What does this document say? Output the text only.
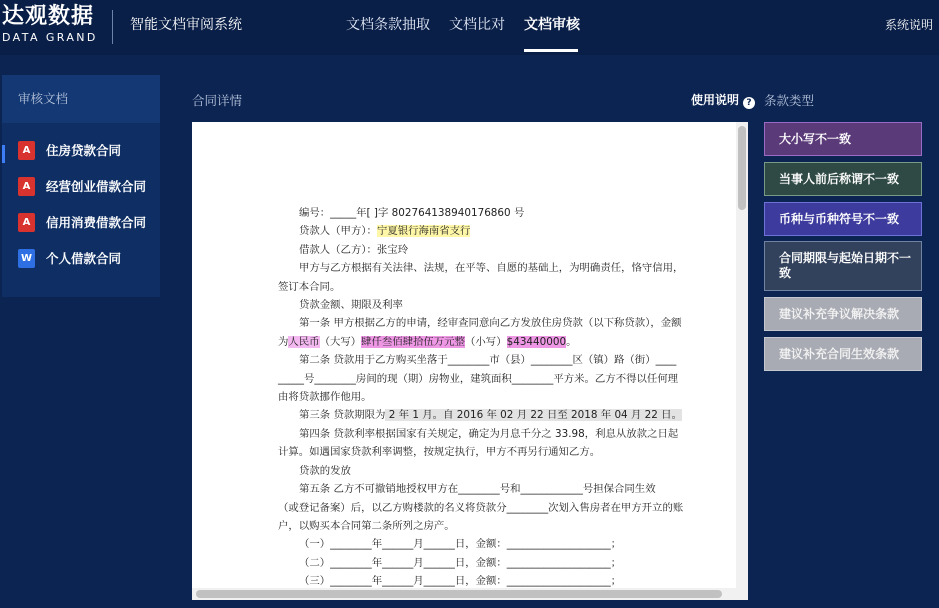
达观数据
DATA GRAND
智能文档审阅系统	文档条款抽取 文档比对 文档审核	系统说明
审核文档
A	住房贷款合同
A	经营创业借款合同
A	信用消费借款合同
W 个人借款合同
合同详情	使用说明 ?
编号：_____年[ ]字 802764138940176860 号
贷款人（甲方）：宁夏银行海南省支行
借款人（乙方）：张宝玲
甲方与乙方根据有关法律、法规，在平等、自愿的基础上，为明确责任，恪守信用，
签订本合同。
贷款金额、期限及利率
第一条 甲方根据乙方的申请，经审查同意向乙方发放住房贷款（以下称贷款），金额
为人民币（大写）肆仟叁佰肆拾伍万元整（小写）$43440000。
第二条 贷款用于乙方购买坐落于________市（县）________区（镇）路（街）____
_____号________房间的现（期）房物业，建筑面积________平方米。乙方不得以任何理
由将贷款挪作他用。
第三条 贷款期限为 2 年 1 月。自 2016 年 02 月 22 日至 2018 年 04 月 22 日。
第四条 贷款利率根据国家有关规定，确定为月息千分之 33.98，利息从放款之日起
计算。如遇国家贷款利率调整，按规定执行，甲方不再另行通知乙方。
贷款的发放
第五条 乙方不可撤销地授权甲方在________号和____________号担保合同生效
（或登记备案）后，以乙方购楼款的名义将贷款分________次划入售房者在甲方开立的账
户，以购买本合同第二条所列之房产。
（一）________年______月______日，金额：____________________；
（二）________年______月______日，金额：____________________；
（三）________年______月______日，金额：____________________；
条款类型
大小写不一致
当事人前后称谓不一致
币种与币种符号不一致
合同期限与起始日期不一致
建议补充争议解决条款
建议补充合同生效条款
